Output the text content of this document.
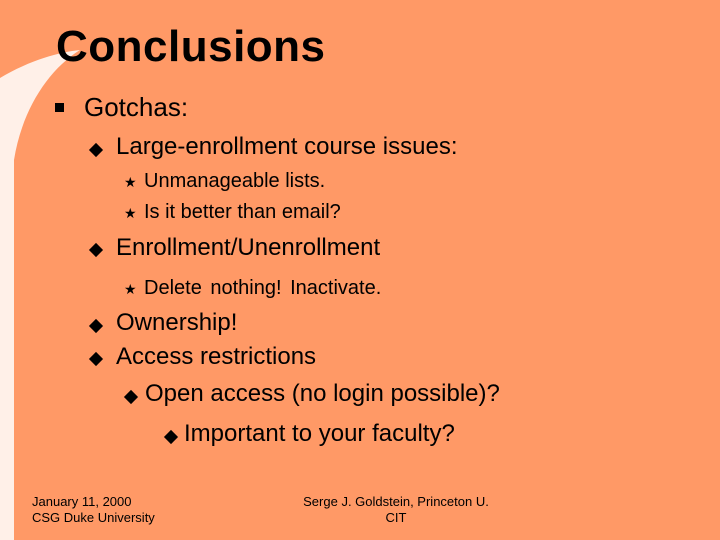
Conclusions
Gotchas:
Large-enrollment course issues:
★ Unmanageable lists.
★ Is it better than email?
Enrollment/Unenrollment
★ Delete nothing! Inactivate.
Ownership!
Access restrictions
Open access (no login possible)?
Important to your faculty?
January 11, 2000
CSG Duke University
Serge J. Goldstein, Princeton U.
CIT
